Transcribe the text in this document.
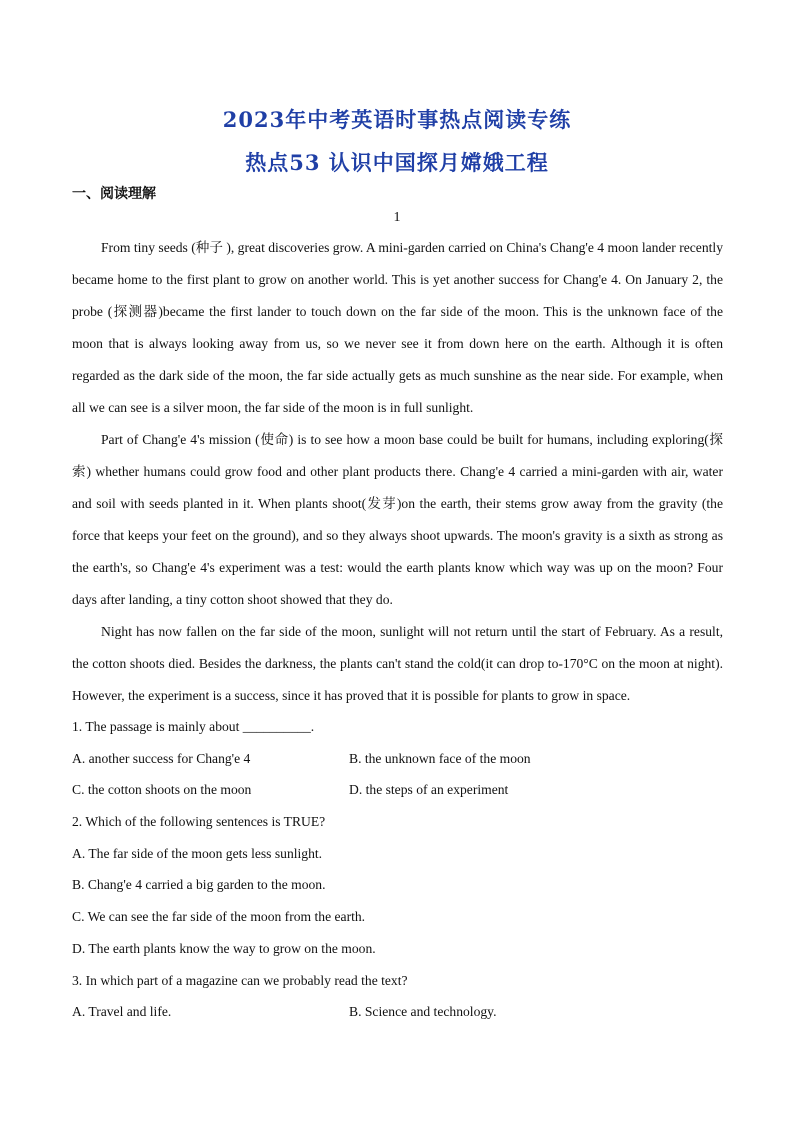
2023年中考英语时事热点阅读专练
热点53 认识中国探月嫦娥工程
一、阅读理解
1

From tiny seeds (种子 ), great discoveries grow. A mini-garden carried on China's Chang'e 4 moon lander recently became home to the first plant to grow on another world. This is yet another success for Chang'e 4. On January 2, the probe (探测器)became the first lander to touch down on the far side of the moon. This is the unknown face of the moon that is always looking away from us, so we never see it from down here on the earth. Although it is often regarded as the dark side of the moon, the far side actually gets as much sunshine as the near side. For example, when all we can see is a silver moon, the far side of the moon is in full sunlight.

Part of Chang'e 4's mission (使命) is to see how a moon base could be built for humans, including exploring(探索) whether humans could grow food and other plant products there. Chang'e 4 carried a mini-garden with air, water and soil with seeds planted in it. When plants shoot(发芽)on the earth, their stems grow away from the gravity (the force that keeps your feet on the ground), and so they always shoot upwards. The moon's gravity is a sixth as strong as the earth's, so Chang'e 4's experiment was a test: would the earth plants know which way was up on the moon? Four days after landing, a tiny cotton shoot showed that they do.

Night has now fallen on the far side of the moon, sunlight will not return until the start of February. As a result, the cotton shoots died. Besides the darkness, the plants can't stand the cold(it can drop to-170°C on the moon at night). However, the experiment is a success, since it has proved that it is possible for plants to grow in space.

1. The passage is mainly about __________.
A. another success for Chang'e 4	B. the unknown face of the moon
C. the cotton shoots on the moon	D. the steps of an experiment
2. Which of the following sentences is TRUE?
A. The far side of the moon gets less sunlight.
B. Chang'e 4 carried a big garden to the moon.
C. We can see the far side of the moon from the earth.
D. The earth plants know the way to grow on the moon.
3. In which part of a magazine can we probably read the text?
A. Travel and life.	B. Science and technology.
